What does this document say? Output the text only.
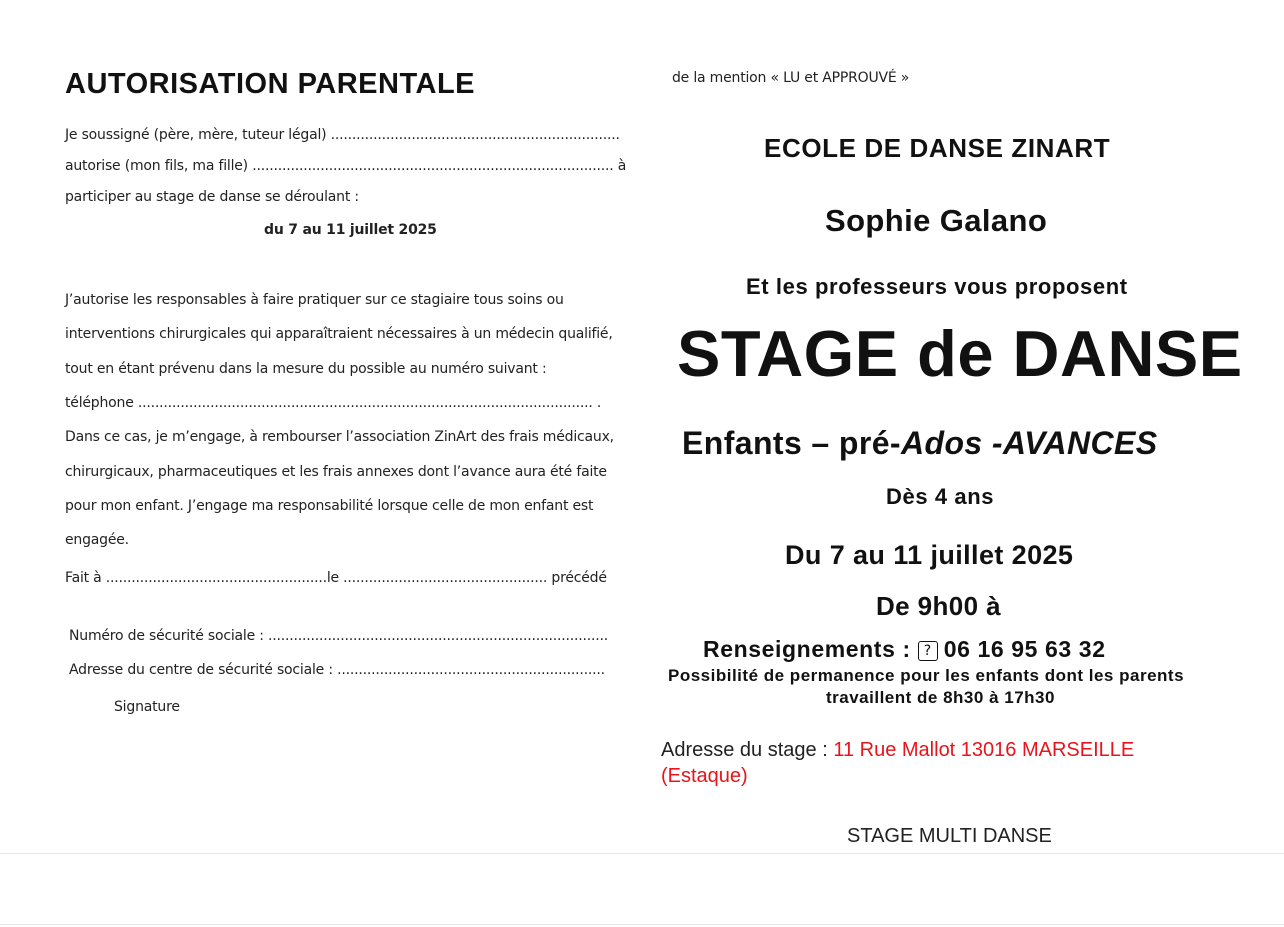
AUTORISATION PARENTALE
Je soussigné (père, mère, tuteur légal) ....................................................................
autorise (mon fils, ma fille) ..................................................................................... à
participer au stage de danse se déroulant :
du 7 au 11 juillet 2025
J’autorise les responsables à faire pratiquer sur ce stagiaire tous soins ou
interventions chirurgicales qui apparaîtraient nécessaires à un médecin qualifié,
tout en étant prévenu dans la mesure du possible au numéro suivant :
téléphone ........................................................................................................... .
Dans ce cas, je m’engage, à rembourser l’association ZinArt des frais médicaux,
chirurgicaux, pharmaceutiques et les frais annexes dont l’avance aura été faite
pour mon enfant. J’engage ma responsabilité lorsque celle de mon enfant est
engagée.
Fait à ....................................................le ................................................ précédé
Numéro de sécurité sociale : ................................................................................
Adresse du centre de sécurité sociale : ...............................................................
Signature
de la mention « LU et APPROUVÉ »
ECOLE DE DANSE ZINART
Sophie Galano
Et les professeurs vous proposent
STAGE de DANSE
Enfants – pré-Ados -AVANCES
Dès 4 ans
Du 7 au 11 juillet 2025
De 9h00 à
Renseignements : ? 06 16 95 63 32
Possibilité de permanence pour les enfants dont les parents
travaillent de 8h30 à 17h30
Adresse du stage : 11 Rue Mallot 13016 MARSEILLE
(Estaque)
STAGE MULTI DANSE
